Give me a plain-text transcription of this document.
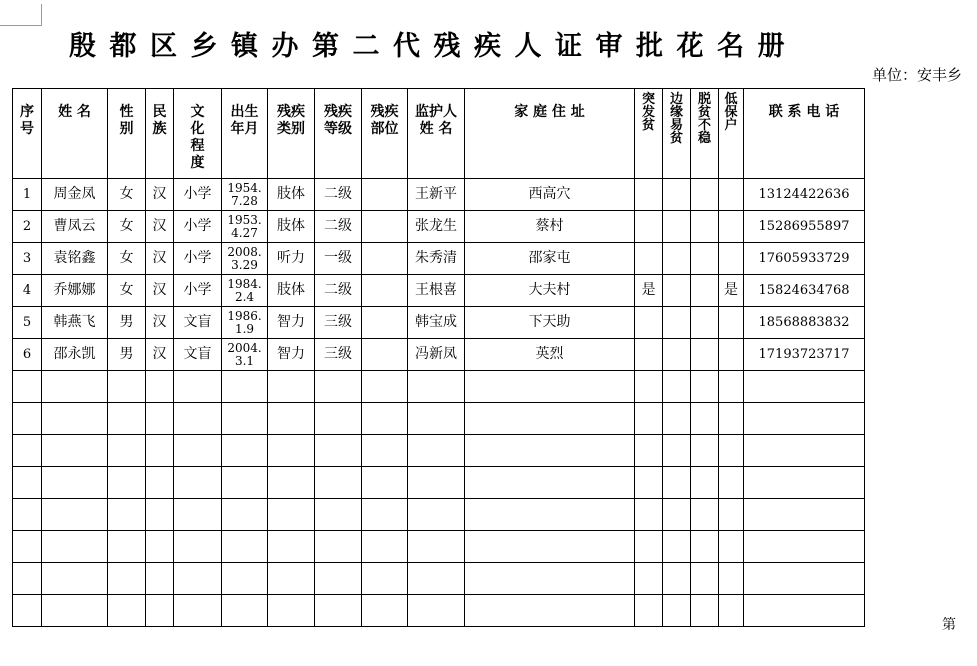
殷都区乡镇办第二代残疾人证审批花名册
单位：安丰乡
序号	姓 名	性别	民族	文化程度	出生年月	残疾类别	残疾等级	残疾部位	监护人姓 名	家 庭 住 址	突发贫	边缘易贫	脱贫不稳	低保户	联 系 电 话
1	周金凤	女	汉	小学	1954.
7.28	肢体	二级		王新平	西高穴					13124422636
2	曹凤云	女	汉	小学	1953.
4.27	肢体	二级		张龙生	蔡村					15286955897
3	袁铭鑫	女	汉	小学	2008.
3.29	听力	一级		朱秀清	邵家屯					17605933729
4	乔娜娜	女	汉	小学	1984.
2.4	肢体	二级		王根喜	大夫村	是			是	15824634768
5	韩燕飞	男	汉	文盲	1986.
1.9	智力	三级		韩宝成	下天助					18568883832
6	邵永凯	男	汉	文盲	2004.
3.1	智力	三级		冯新凤	英烈					17193723717

第
